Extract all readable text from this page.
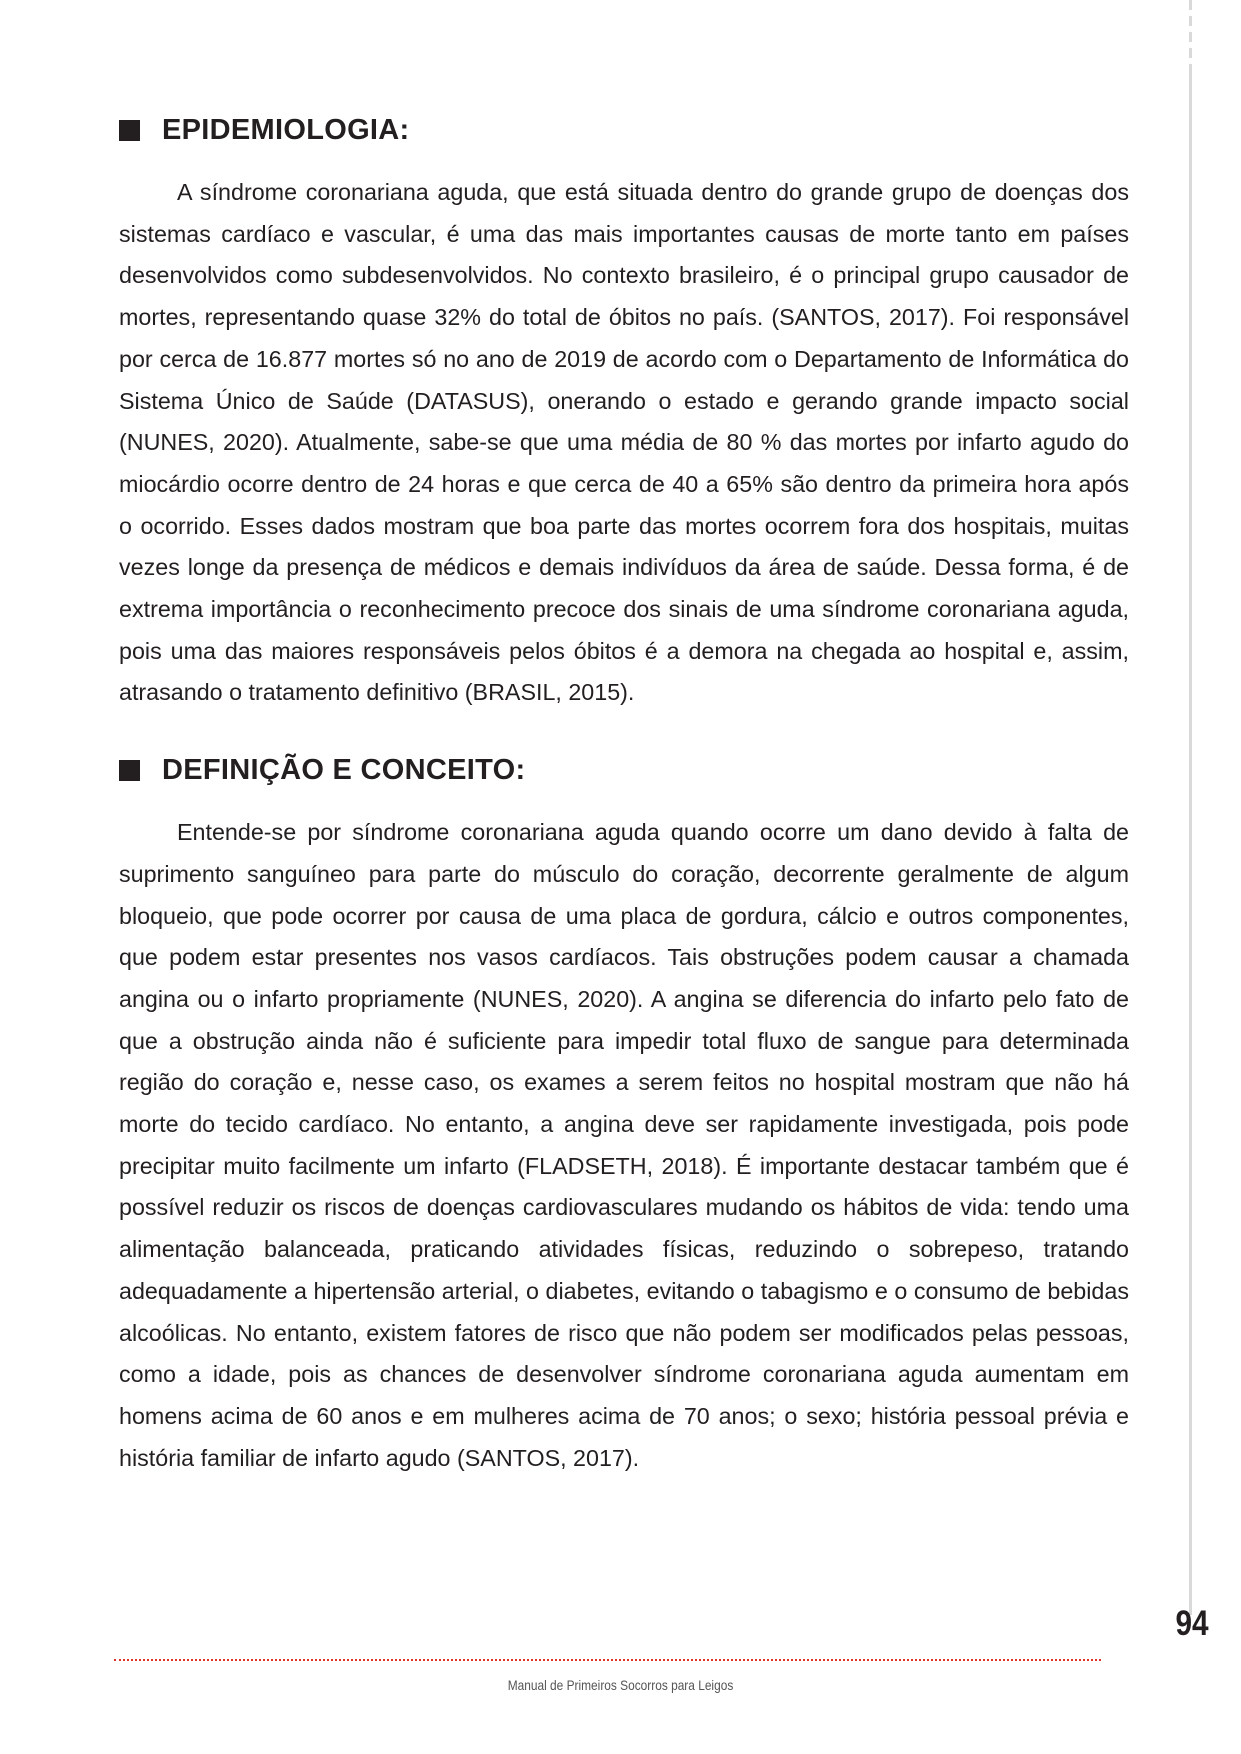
EPIDEMIOLOGIA:

A síndrome coronariana aguda, que está situada dentro do grande grupo de doenças dos sistemas cardíaco e vascular, é uma das mais importantes causas de morte tanto em países desenvolvidos como subdesenvolvidos. No contexto brasileiro, é o principal grupo causador de mortes, representando quase 32% do total de óbitos no país. (SANTOS, 2017). Foi responsável por cerca de 16.877 mortes só no ano de 2019 de acordo com o Departamento de Informática do Sistema Único de Saúde (DATASUS), onerando o estado e gerando grande impacto social (NUNES, 2020). Atualmente, sabe-se que uma média de 80 % das mortes por infarto agudo do miocárdio ocorre dentro de 24 horas e que cerca de 40 a 65% são dentro da primeira hora após o ocorrido. Esses dados mostram que boa parte das mortes ocorrem fora dos hospitais, muitas vezes longe da presença de médicos e demais indivíduos da área de saúde. Dessa forma, é de extrema importância o reconhecimento precoce dos sinais de uma síndrome coronariana aguda, pois uma das maiores responsáveis pelos óbitos é a demora na chegada ao hospital e, assim, atrasando o tratamento definitivo (BRASIL, 2015).

DEFINIÇÃO E CONCEITO:

Entende-se por síndrome coronariana aguda quando ocorre um dano devido à falta de suprimento sanguíneo para parte do músculo do coração, decorrente geralmente de algum bloqueio, que pode ocorrer por causa de uma placa de gordura, cálcio e outros componentes, que podem estar presentes nos vasos cardíacos. Tais obstruções podem causar a chamada angina ou o infarto propriamente (NUNES, 2020). A angina se diferencia do infarto pelo fato de que a obstrução ainda não é suficiente para impedir total fluxo de sangue para determinada região do coração e, nesse caso, os exames a serem feitos no hospital mostram que não há morte do tecido cardíaco. No entanto, a angina deve ser rapidamente investigada, pois pode precipitar muito facilmente um infarto (FLADSETH, 2018). É importante destacar também que é possível reduzir os riscos de doenças cardiovasculares mudando os hábitos de vida: tendo uma alimentação balanceada, praticando atividades físicas, reduzindo o sobrepeso, tratando adequadamente a hipertensão arterial, o diabetes, evitando o tabagismo e o consumo de bebidas alcoólicas. No entanto, existem fatores de risco que não podem ser modificados pelas pessoas, como a idade, pois as chances de desenvolver síndrome coronariana aguda aumentam em homens acima de 60 anos e em mulheres acima de 70 anos; o sexo; história pessoal prévia e história familiar de infarto agudo (SANTOS, 2017).

94
Manual de Primeiros Socorros para Leigos
